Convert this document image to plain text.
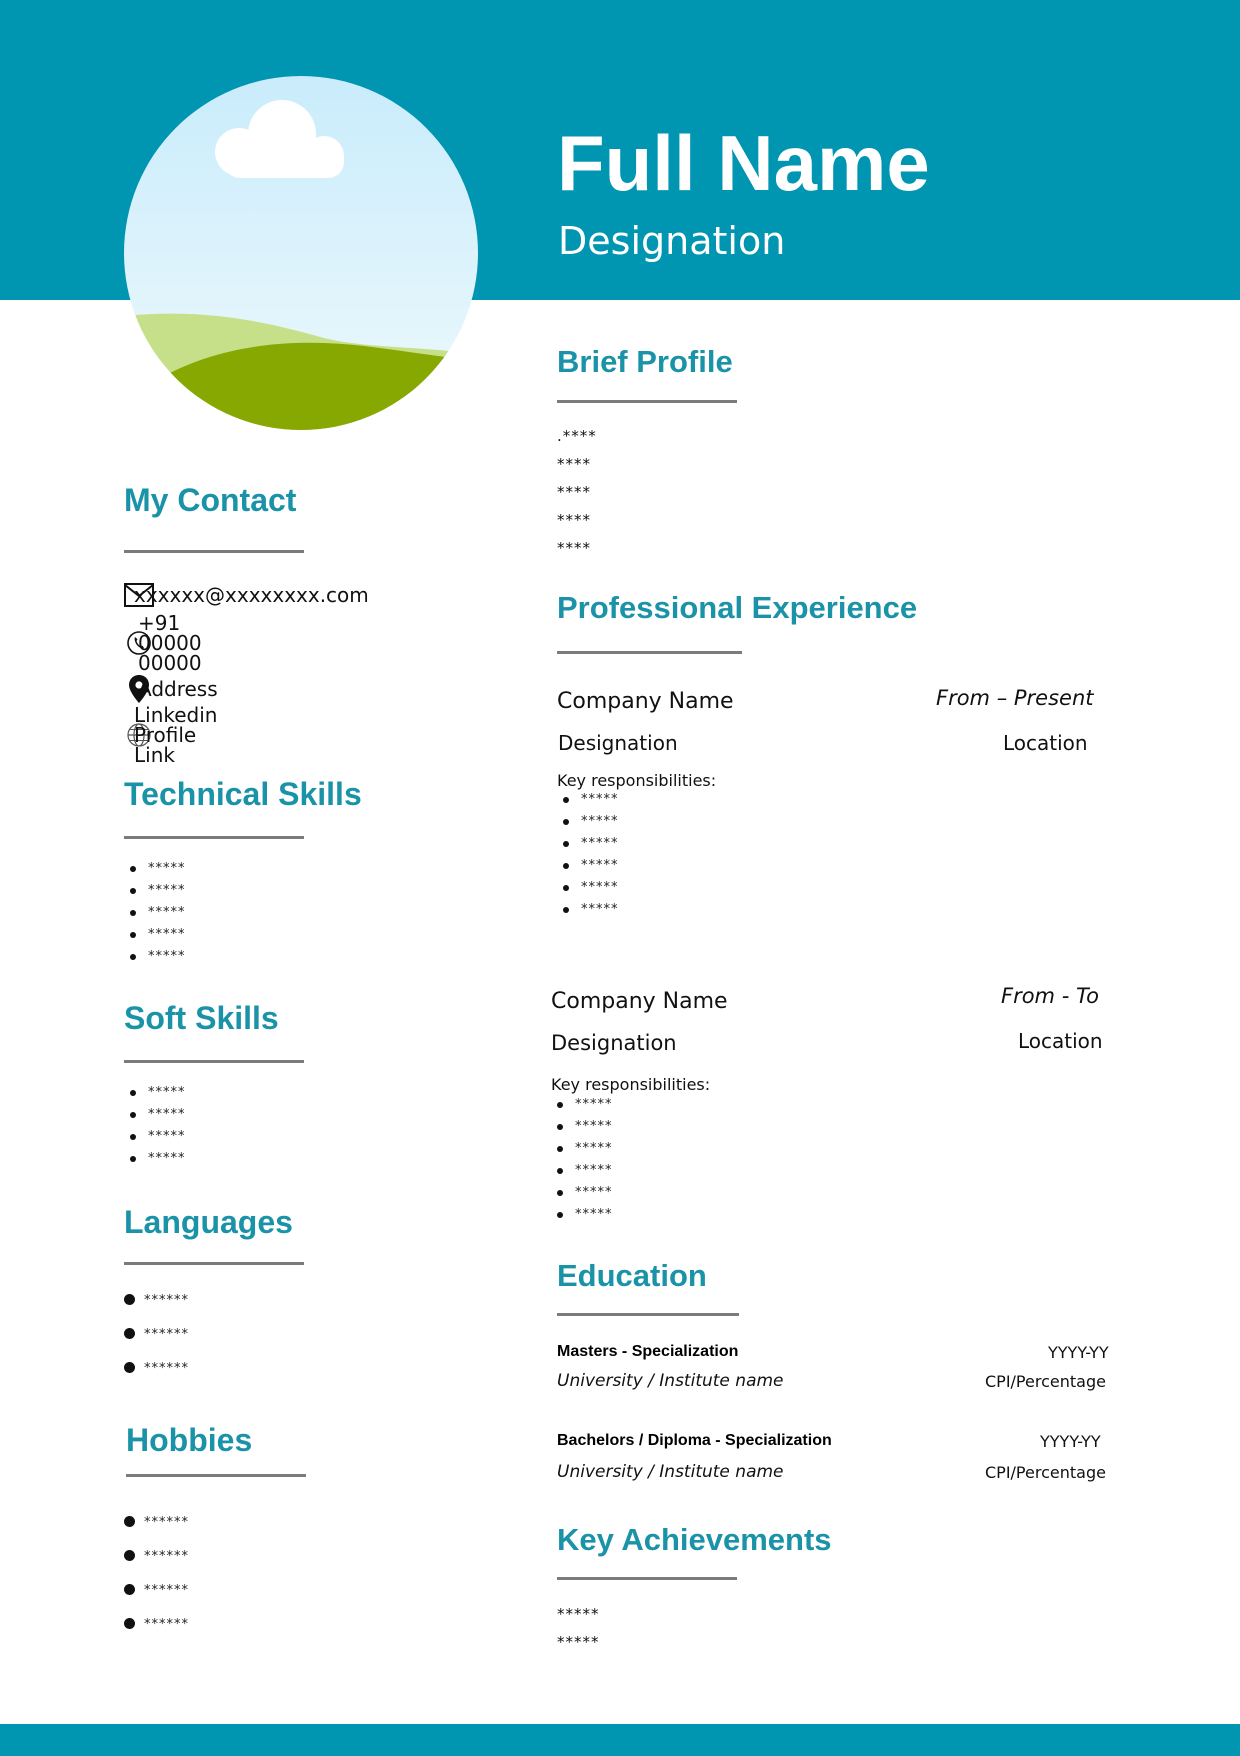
Full Name
Designation
My Contact
xxxxxx@xxxxxxxx.com
+91 00000 00000
Address
Linkedin Profile Link
Technical Skills
*****
*****
*****
*****
*****
Soft Skills
*****
*****
*****
*****
Languages
******
******
******
Hobbies
******
******
******
******
Brief Profile
.****
****
****
****
****
Professional Experience
Company Name	From – Present
Designation	Location
Key responsibilities:
*****
*****
*****
*****
*****
*****
Company Name	From - To
Designation	Location
Key responsibilities:
*****
*****
*****
*****
*****
*****
Education
Masters - Specialization	YYYY-YY
University / Institute name	CPI/Percentage
Bachelors / Diploma - Specialization	YYYY-YY
University / Institute name	CPI/Percentage
Key Achievements
*****
*****
